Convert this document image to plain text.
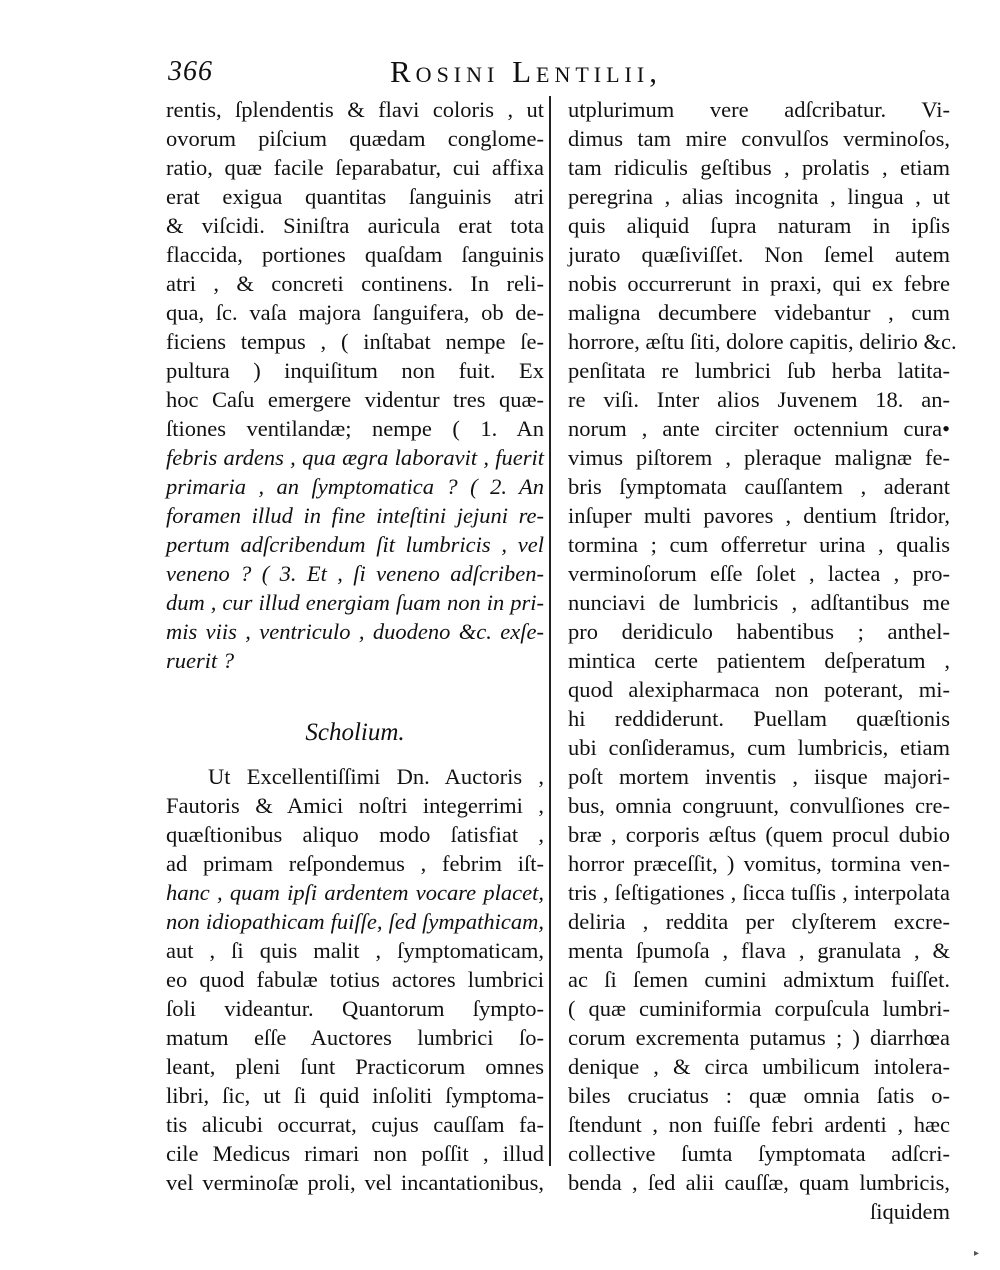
366	Rosini Lentilii,
rentis, ſplendentis & flavi coloris , ut
ovorum piſcium quædam conglome-
ratio, quæ facile ſeparabatur, cui affixa
erat exigua quantitas ſanguinis atri
& viſcidi. Siniſtra auricula erat tota
flaccida, portiones quaſdam ſanguinis
atri , & concreti continens. In reli-
qua, ſc. vaſa majora ſanguifera, ob de-
ficiens tempus , ( inſtabat nempe ſe-
pultura ) inquiſitum non fuit. Ex
hoc Caſu emergere videntur tres quæ-
ſtiones ventilandæ; nempe ( 1. An
febris ardens , qua ægra laboravit , fuerit
primaria , an ſymptomatica ? ( 2. An
foramen illud in fine inteſtini jejuni re-
pertum adſcribendum ſit lumbricis , vel
veneno ? ( 3. Et , ſi veneno adſcriben-
dum , cur illud energiam ſuam non in pri-
mis viis , ventriculo , duodeno &c. exſe-
ruerit ?
Scholium.
Ut Excellentiſſimi Dn. Auctoris ,
Fautoris & Amici noſtri integerrimi ,
quæſtionibus aliquo modo ſatisfiat ,
ad primam reſpondemus , febrim iſt-
hanc , quam ipſi ardentem vocare placet,
non idiopathicam fuiſſe, ſed ſympathicam,
aut , ſi quis malit , ſymptomaticam,
eo quod fabulæ totius actores lumbrici
ſoli videantur. Quantorum ſympto-
matum eſſe Auctores lumbrici ſo-
leant, pleni ſunt Practicorum omnes
libri, ſic, ut ſi quid inſoliti ſymptoma-
tis alicubi occurrat, cujus cauſſam fa-
cile Medicus rimari non poſſit , illud
vel verminoſæ proli, vel incantationibus,
utplurimum vere adſcribatur. Vi-
dimus tam mire convulſos verminoſos,
tam ridiculis geſtibus , prolatis , etiam
peregrina , alias incognita , lingua , ut
quis aliquid ſupra naturam in ipſis
jurato quæſiviſſet. Non ſemel autem
nobis occurrerunt in praxi, qui ex febre
maligna decumbere videbantur , cum
horrore, æſtu ſiti, dolore capitis, delirio &c.
penſitata re lumbrici ſub herba latita-
re viſi. Inter alios Juvenem 18. an-
norum , ante circiter octennium cura•
vimus piſtorem , pleraque malignæ fe-
bris ſymptomata cauſſantem , aderant
inſuper multi pavores , dentium ſtridor,
tormina ; cum offerretur urina , qualis
verminoſorum eſſe ſolet , lactea , pro-
nunciavi de lumbricis , adſtantibus me
pro derіdiculo habentibus ; anthel-
mintica certe patientem deſperatum ,
quod alexipharmaca non poterant, mi-
hi reddiderunt. Puellam quæſtionis
ubi conſideramus, cum lumbricis, etiam
poſt mortem inventis , iisque majori-
bus, omnia congruunt, convulſiones cre-
bræ , corporis æſtus (quem procul dubio
horror præceſſit, ) vomitus, tormina ven-
tris , ſeſtigationes , ſicca tuſſis , interpolata
deliria , reddita per clyſterem excre-
menta ſpumoſa , flava , granulata , &
ac ſi ſemen cumini admixtum fuiſſet.
( quæ cuminiformia corpuſcula lumbri-
corum excrementa putamus ; ) diarrhœa
denique , & circa umbilicum intolera-
biles cruciatus : quæ omnia ſatis o-
ſtendunt , non fuiſſe febri ardenti , hæc
collective ſumta ſymptomata adſcri-
benda , ſed alii cauſſæ, quam lumbricis,
ſiquidem
▸
